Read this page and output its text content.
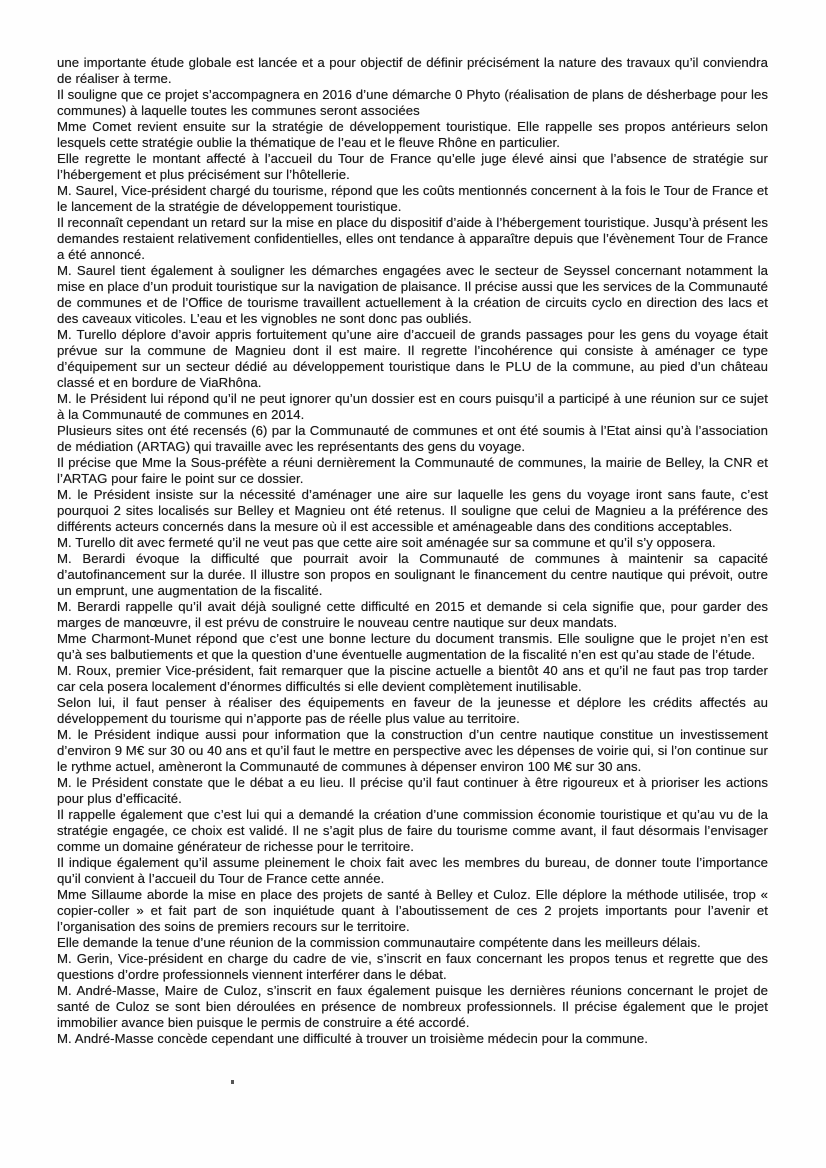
une importante étude globale est lancée et a pour objectif de définir précisément la nature des travaux qu’il conviendra de réaliser à terme.

Il souligne que ce projet s’accompagnera en 2016 d’une démarche 0 Phyto (réalisation de plans de désherbage pour les communes) à laquelle toutes les communes seront associées

Mme Comet revient ensuite sur la stratégie de développement touristique. Elle rappelle ses propos antérieurs selon lesquels cette stratégie oublie la thématique de l’eau et le fleuve Rhône en particulier.

Elle regrette le montant affecté à l’accueil du Tour de France qu’elle juge élevé ainsi que l’absence de stratégie sur l’hébergement et plus précisément sur l’hôtellerie.

M. Saurel, Vice-président chargé du tourisme, répond que les coûts mentionnés concernent à la fois le Tour de France et le lancement de la stratégie de développement touristique.

Il reconnaît cependant un retard sur la mise en place du dispositif d’aide à l’hébergement touristique. Jusqu’à présent les demandes restaient relativement confidentielles, elles ont tendance à apparaître depuis que l’évènement Tour de France a été annoncé.

M. Saurel tient également à souligner les démarches engagées avec le secteur de Seyssel concernant notamment la mise en place d’un produit touristique sur la navigation de plaisance. Il précise aussi que les services de la Communauté de communes et de l’Office de tourisme travaillent actuellement à la création de circuits cyclo en direction des lacs et des caveaux viticoles. L’eau et les vignobles ne sont donc pas oubliés.

M. Turello déplore d’avoir appris fortuitement qu’une aire d’accueil de grands passages pour les gens du voyage était prévue sur la commune de Magnieu dont il est maire. Il regrette l’incohérence qui consiste à aménager ce type d’équipement sur un secteur dédié au développement touristique dans le PLU de la commune, au pied d’un château classé et en bordure de ViaRhôna.

M. le Président lui répond qu’il ne peut ignorer qu’un dossier est en cours puisqu’il a participé à une réunion sur ce sujet à la Communauté de communes en 2014.

Plusieurs sites ont été recensés (6) par la Communauté de communes et ont été soumis à l’Etat ainsi qu’à l’association de médiation (ARTAG) qui travaille avec les représentants des gens du voyage.

Il précise que Mme la Sous-préfète a réuni dernièrement la Communauté de communes, la mairie de Belley, la CNR et l’ARTAG pour faire le point sur ce dossier.

M. le Président insiste sur la nécessité d’aménager une aire sur laquelle les gens du voyage iront sans faute, c’est pourquoi 2 sites localisés sur Belley et Magnieu ont été retenus. Il souligne que celui de Magnieu a la préférence des différents acteurs concernés dans la mesure où il est accessible et aménageable dans des conditions acceptables.

M. Turello dit avec fermeté qu’il ne veut pas que cette aire soit aménagée sur sa commune et qu’il s’y opposera.

M. Berardi évoque la difficulté que pourrait avoir la Communauté de communes à maintenir sa capacité d’autofinancement sur la durée. Il illustre son propos en soulignant le financement du centre nautique qui prévoit, outre un emprunt, une augmentation de la fiscalité.

M. Berardi rappelle qu’il avait déjà souligné cette difficulté en 2015 et demande si cela signifie que, pour garder des marges de manœuvre, il est prévu de construire le nouveau centre nautique sur deux mandats.

Mme Charmont-Munet répond que c’est une bonne lecture du document transmis. Elle souligne que le projet n’en est qu’à ses balbutiements et que la question d’une éventuelle augmentation de la fiscalité n’en est qu’au stade de l’étude.

M. Roux, premier Vice-président, fait remarquer que la piscine actuelle a bientôt 40 ans et qu’il ne faut pas trop tarder car cela posera localement d’énormes difficultés si elle devient complètement inutilisable.

Selon lui, il faut penser à réaliser des équipements en faveur de la jeunesse et déplore les crédits affectés au développement du tourisme qui n’apporte pas de réelle plus value au territoire.

M. le Président indique aussi pour information que la construction d’un centre nautique constitue un investissement d’environ 9 M€ sur 30 ou 40 ans et qu’il faut le mettre en perspective avec les dépenses de voirie qui, si l’on continue sur le rythme actuel, amèneront la Communauté de communes à dépenser environ 100 M€ sur 30 ans.

M. le Président constate que le débat a eu lieu. Il précise qu’il faut continuer à être rigoureux et à prioriser les actions pour plus d’efficacité.

Il rappelle également que c’est lui qui a demandé la création d’une commission économie touristique et qu’au vu de la stratégie engagée, ce choix est validé. Il ne s’agit plus de faire du tourisme comme avant, il faut désormais l’envisager comme un domaine générateur de richesse pour le territoire.

Il indique également qu’il assume pleinement le choix fait avec les membres du bureau, de donner toute l’importance qu’il convient à l’accueil du Tour de France cette année.

Mme Sillaume aborde la mise en place des projets de santé à Belley et Culoz. Elle déplore la méthode utilisée, trop « copier-coller » et fait part de son inquiétude quant à l’aboutissement de ces 2 projets importants pour l’avenir et l’organisation des soins de premiers recours sur le territoire.

Elle demande la tenue d’une réunion de la commission communautaire compétente dans les meilleurs délais.

M. Gerin, Vice-président en charge du cadre de vie, s’inscrit en faux concernant les propos tenus et regrette que des questions d’ordre professionnels viennent interférer dans le débat.

M. André-Masse, Maire de Culoz, s’inscrit en faux également puisque les dernières réunions concernant le projet de santé de Culoz se sont bien déroulées en présence de nombreux professionnels. Il précise également que le projet immobilier avance bien puisque le permis de construire a été accordé.

M. André-Masse concède cependant une difficulté à trouver un troisième médecin pour la commune.
